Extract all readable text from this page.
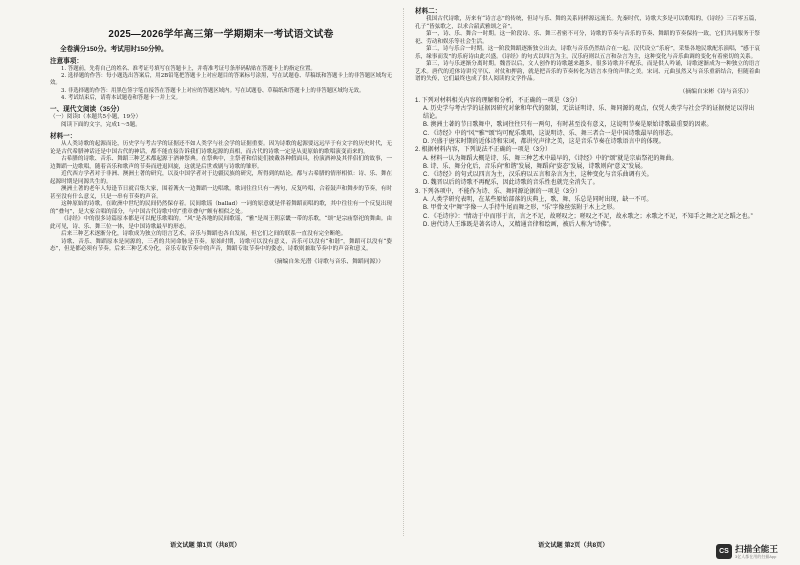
2025—2026学年高三第一学期期末一考试语文试卷
全卷满分150分。考试用时150分钟。
注意事项：

1. 答题前，先将自己的姓名、准考证号填写在答题卡上，并将准考证号条形码粘贴在答题卡上的指定位置。

2. 选择题的作答：每小题选出答案后，用2B铅笔把答题卡上对应题目的答案标号涂黑，写在试题卷、草稿纸和答题卡上的非答题区域均无效。

3. 非选择题的作答：用黑色签字笔直接答在答题卡上对应的答题区域内。写在试题卷、草稿纸和答题卡上的非答题区域均无效。

4. 考试结束后，请将本试题卷和答题卡一并上交。

一、现代文阅读（35分）

（一）阅读Ⅰ（本题共5小题，19分）

阅读下面的文字，完成1～5题。

材料一：

从人类诗歌的起源而论，历史学与考古学的证据还不如人类学与社会学的证据重要。因为诗歌的起源要远远早于有文字的历史时代，无论是古代希腊神话还是中国古代的神话，都不能直接告诉我们诗歌起源的真相，而古代的诗歌一定是从更原始的歌唱演变而来的。

古希腊的诗歌、音乐、舞蹈三种艺术都起源于酒神祭典。在祭典中，主祭者和信徒们披戴各种假面具，扮演酒神及其伴侣们的故事，一边舞蹈一边歌唱，随着音乐和歌声的节奏而进退回旋，这就是后世戏剧与诗歌的雏形。

近代西方学者对于非洲、澳洲土著的研究，以及中国学者对于边疆民族的研究，所得到的结论，都与古希腊的情形相似：诗、乐、舞在起源时期是同源共生的。

澳洲土著的老年人每逢节日就召集大家，围着篝火一边舞蹈一边唱歌。歌词往往只有一两句，反复吟唱，合着鼓声和舞步的节奏，有时甚至没有什么意义，只是一串有节奏的声音。

这种原始的诗歌，在欧洲中世纪的民间仍然保存着。民间歌谣（ballad）一词的原意就是伴着舞蹈而唱的歌，其中往往有一个反复出现的“叠句”，是大家合唱的部分，与中国古代诗歌中的“重章叠句”颇有相似之处。

《诗经》中的很多诗篇原本都是可以配乐歌唱的。“风”是各地的民间歌谣，“雅”是周王朝京畿一带的乐歌，“颂”是宗庙祭祀的舞曲。由此可见，诗、乐、舞三位一体，是中国诗歌最早的形态。

后来三种艺术逐渐分化，诗歌成为独立的语言艺术，音乐与舞蹈也各自发展，但它们之间的联系一直没有完全断绝。

诗歌、音乐、舞蹈原本是同源的，三者的共同命脉是节奏。原始时期，诗歌可以没有意义，音乐可以没有“和谐”，舞蹈可以没有“姿态”，但是都必须有节奏。后来三种艺术分化，音乐专取节奏中的声音，舞蹈专取节奏中的姿态，诗歌则兼取节奏中的声音和意义。

（摘编自朱光潜《诗歌与音乐、舞蹈同源》）
材料二：

我国古代诗歌，历来有“诗言志”的传统，但诗与乐、舞的关系同样源远流长。先秦时代，诗歌大多是可以歌唱的，《诗经》三百零五篇，孔子“皆弦歌之，以求合韶武雅颂之音”。

第一，诗、乐、舞合一时期。这一阶段诗、乐、舞三者密不可分，诗歌的节奏与音乐的节奏、舞蹈的节奏保持一致，它们共同服务于祭祀、劳动和娱乐等社会生活。

第二，诗与乐合一时期。这一阶段舞蹈逐渐独立出去，诗歌与音乐仍然结合在一起。汉代设立“乐府”，采集各地民歌配乐演唱，“感于哀乐，缘事而发”的乐府诗由此兴盛。《诗经》的句式以四言为主，汉乐府则以五言和杂言为主，这种变化与音乐曲调的变化有着密切的关系。

第三，诗与乐逐渐分离时期。魏晋以后，文人创作的诗歌越来越多，很多诗歌并不配乐，而是供人吟诵，诗歌逐渐成为一种独立的语言艺术。唐代的近体诗讲究平仄、对仗和押韵，就是把音乐的节奏转化为语言本身的声律之美。宋词、元曲虽然又与音乐重新结合，但随着曲谱的失传，它们最终也成了供人阅读的文学作品。

（摘编自宋彬《诗与音乐》）

1. 下列对材料相关内容的理解和分析，不正确的一项是（3分）

A. 历史学与考古学的证据因研究对象和年代的限制，无法证明诗、乐、舞同源的观点，仅凭人类学与社会学的证据便足以得出结论。

B. 澳洲土著的节日歌舞中，歌词往往只有一两句，有时甚至没有意义，这说明节奏是原始诗歌最重要的因素。

C. 《诗经》中的“风”“雅”“颂”均可配乐歌唱，这说明诗、乐、舞三者合一是中国诗歌最早的形态。

D. 兴盛于唐宋时期的近体诗和宋词，都讲究声律之美，这是音乐节奏在诗歌语言中的体现。

2. 根据材料内容，下列说法不正确的一项是（3分）

A. 材料一认为舞蹈大概是诗、乐、舞三种艺术中最早的，《诗经》中的“颂”就是宗庙祭祀的舞曲。

B. 诗、乐、舞分化后，音乐向“和谐”发展，舞蹈向“姿态”发展，诗歌则向“意义”发展。

C. 《诗经》的句式以四言为主，汉乐府以五言和杂言为主，这种变化与音乐曲调有关。

D. 魏晋以后的诗歌不再配乐，因此诗歌的音乐性也就完全消失了。

3. 下列各项中，不能作为诗、乐、舞同源论据的一项是（3分）

A. 人类学研究表明，在某些原始部落的庆典上，歌、舞、乐总是同时出现，缺一不可。

B. 甲骨文中“舞”字像一人手持牛尾而舞之形，“乐”字像丝弦附于木上之形。

C. 《毛诗序》：“情动于中而形于言，言之不足，故嗟叹之；嗟叹之不足，故永歌之；永歌之不足，不知手之舞之足之蹈之也。”

D. 唐代诗人王维既是著名诗人，又精通音律和绘画，被后人称为“诗佛”。

语文试题 第1页（共8页）	语文试题 第2页（共8页）
CS 扫描全能王
3亿人都在用的扫描App
